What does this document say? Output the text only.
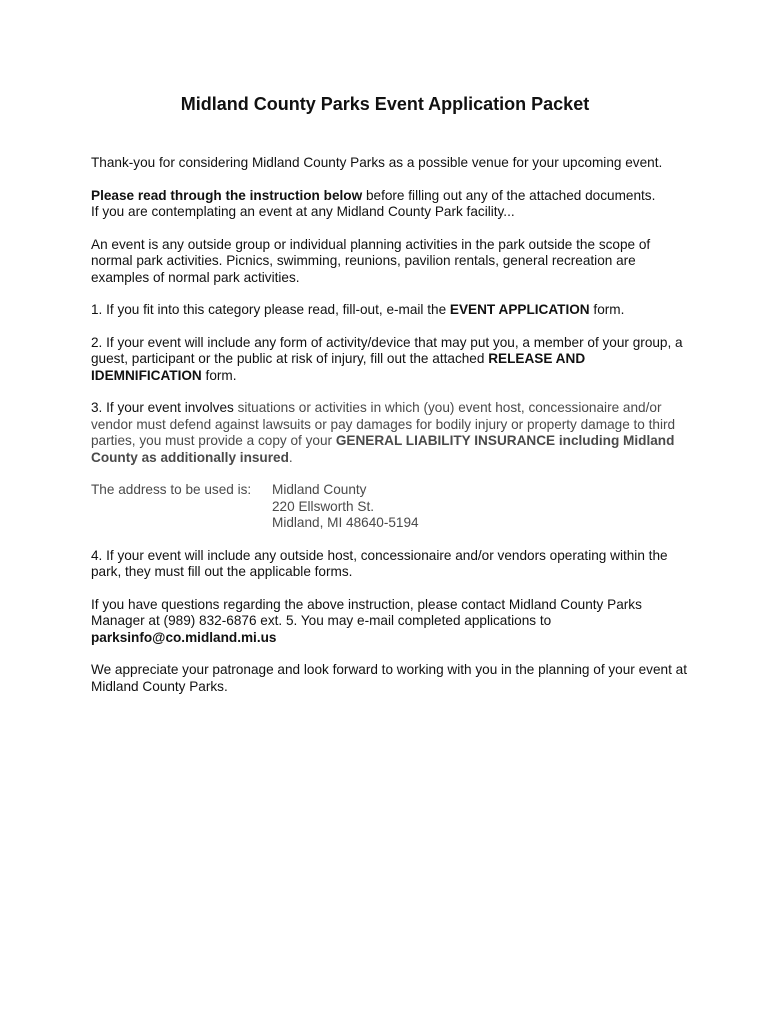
Midland County Parks Event Application Packet

Thank-you for considering Midland County Parks as a possible venue for your upcoming event.

Please read through the instruction below before filling out any of the attached documents.
If you are contemplating an event at any Midland County Park facility...

An event is any outside group or individual planning activities in the park outside the scope of normal park activities. Picnics, swimming, reunions, pavilion rentals, general recreation are examples of normal park activities.

1. If you fit into this category please read, fill-out, e-mail the EVENT APPLICATION form.

2. If your event will include any form of activity/device that may put you, a member of your group, a guest, participant or the public at risk of injury, fill out the attached RELEASE AND IDEMNIFICATION form.

3. If your event involves situations or activities in which (you) event host, concessionaire and/or vendor must defend against lawsuits or pay damages for bodily injury or property damage to third parties, you must provide a copy of your GENERAL LIABILITY INSURANCE including Midland County as additionally insured.

The address to be used is:	Midland County
220 Ellsworth St.
Midland, MI 48640-5194

4. If your event will include any outside host, concessionaire and/or vendors operating within the park, they must fill out the applicable forms.

If you have questions regarding the above instruction, please contact Midland County Parks Manager at (989) 832-6876 ext. 5. You may e-mail completed applications to
parksinfo@co.midland.mi.us

We appreciate your patronage and look forward to working with you in the planning of your event at Midland County Parks.
